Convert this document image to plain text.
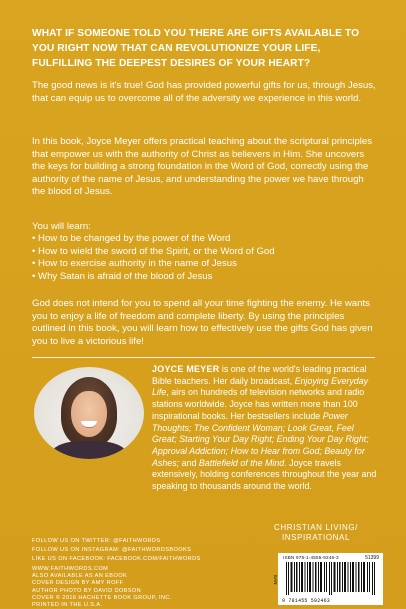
WHAT IF SOMEONE TOLD YOU THERE ARE GIFTS AVAILABLE TO YOU RIGHT NOW THAT CAN REVOLUTIONIZE YOUR LIFE, FULFILLING THE DEEPEST DESIRES OF YOUR HEART?

The good news is it's true! God has provided powerful gifts for us, through Jesus, that can equip us to overcome all of the adversity we experience in this world.

In this book, Joyce Meyer offers practical teaching about the scriptural principles that empower us with the authority of Christ as believers in Him. She uncovers the keys for building a strong foundation in the Word of God, correctly using the authority of the name of Jesus, and understanding the power we have through the blood of Jesus.

You will learn:

• How to be changed by the power of the Word
• How to wield the sword of the Spirit, or the Word of God
• How to exercise authority in the name of Jesus
• Why Satan is afraid of the blood of Jesus

God does not intend for you to spend all your time fighting the enemy. He wants you to enjoy a life of freedom and complete liberty. By using the principles outlined in this book, you will learn how to effectively use the gifts God has given you to live a victorious life!

JOYCE MEYER is one of the world's leading practical Bible teachers. Her daily broadcast, Enjoying Everyday Life, airs on hundreds of television networks and radio stations worldwide. Joyce has written more than 100 inspirational books. Her bestsellers include Power Thoughts; The Confident Woman; Look Great, Feel Great; Starting Your Day Right; Ending Your Day Right; Approval Addiction; How to Hear from God; Beauty for Ashes; and Battlefield of the Mind. Joyce travels extensively, holding conferences throughout the year and speaking to thousands around the world.

CHRISTIAN LIVING/
INSPIRATIONAL
FOLLOW US ON TWITTER: @FAITHWORDS
FOLLOW US ON INSTAGRAM: @FAITHWORDSBOOKS
LIKE US ON FACEBOOK: FACEBOOK.COM/FAITHWORDS
WWW.FAITHWORDS.COM
ALSO AVAILABLE AS AN EBOOK
COVER DESIGN BY AMY ROFF
AUTHOR PHOTO BY DAVID DOBSON
COVER © 2016 HACHETTE BOOK GROUP, INC.
PRINTED IN THE U.S.A.
ISBN 978-1-4555-9246-3	51399
EAN
9 781455 592463
